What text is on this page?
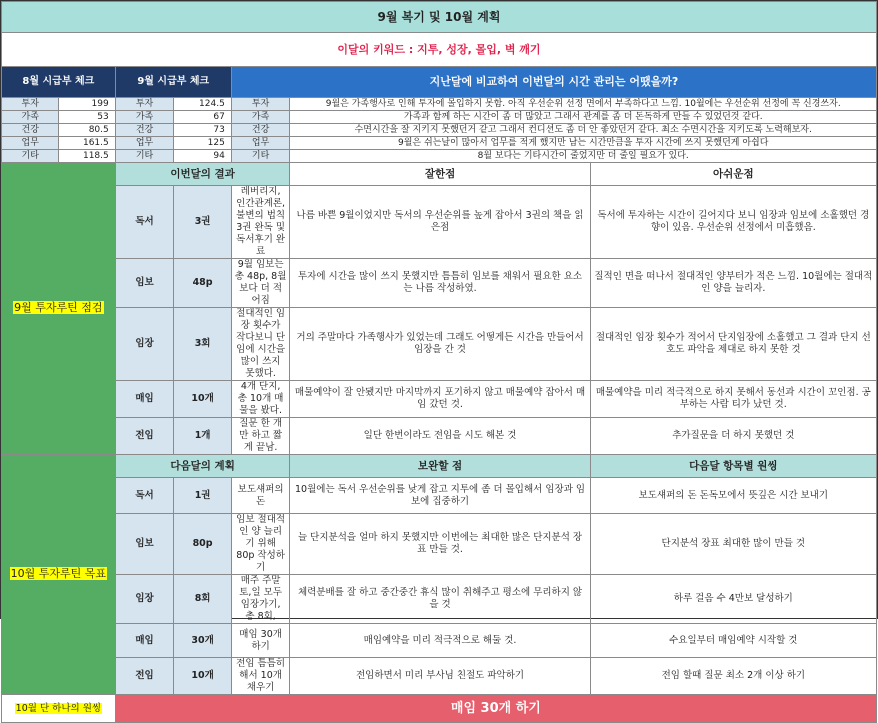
9월 복기 및 10월 계획						
이달의 키워드 : 지투, 성장, 몰입, 벽 깨기						
8월 시급부 체크		9월 시급부 체크		지난달에 비교하여 이번달의 시간 관리는 어땠을까?		
투자	199	투자	124.5	투자	9월은 가족행사로 인해 투자에 몰입하지 못함. 아직 우선순위 선정 면에서 부족하다고 느낌. 10월에는 우선순위 선정에 꼭 신경쓰자.	
가족	53	가족	67	가족	가족과 함께 하는 시간이 좀 더 많았고 그래서 관계를 좀 더 돈독하게 만들 수 있었던것 같다.	
건강	80.5	건강	73	건강	수면시간을 잘 지키지 못했던거 같고 그래서 컨디션도 좀 더 안 좋았던거 같다. 최소 수면시간을 지키도록 노력해보자.	
업무	161.5	업무	125	업무	9월은 쉬는날이 많아서 업무를 적게 했지만 남는 시간만큼을 투자 시간에 쓰지 못했던게 아쉽다	
기타	118.5	기타	94	기타	8월 보다는 기타시간이 줄었지만 더 줄일 필요가 있다.	
9월 투자루틴 점검		이번달의 결과			잘한점	아쉬운점
		독서	3권	레버리지, 인간관계론, 불변의 법칙 3권 완독 및 독서후기 완료	나름 바쁜 9월이었지만 독서의 우선순위를 높게 잡아서 3권의 책을 읽은점	독서에 투자하는 시간이 길어지다 보니 임장과 임보에 소홀했던 경향이 있음. 우선순위 선정에서 미흡했음.
		임보	48p	9월 임보는 총 48p, 8월 보다 더 적어짐	투자에 시간을 많이 쓰지 못했지만 틈틈히 임보를 채워서 필요한 요소는 나름 작성하였.	질적인 면을 떠나서 절대적인 양부터가 적은 느낌. 10월에는 절대적인 양을 늘리자.
		임장	3회	절대적인 임장 횟수가 작다보니 단임에 시간을 많이 쓰지 못했다.	거의 주말마다 가족행사가 있었는데 그래도 어떻게든 시간을 만들어서 임장을 간 것	절대적인 임장 횟수가 적어서 단지임장에 소홀했고 그 결과 단지 선호도 파악을 제대로 하지 못한 것
		매임	10개	4개 단지, 총 10개 매물을 봤다.	매물예약이 잘 안됐지만 마지막까지 포기하지 않고 매물예약 잡아서 매임 갔던 것.	매물예약을 미리 적극적으로 하지 못해서 동선과 시간이 꼬인점. 공부하는 사람 티가 났던 것.
		전임	1개	질문 한 개만 하고 짧게 끝남.	일단 한번이라도 전임을 시도 해본 것	추가질문을 더 하지 못했던 것
10월 투자루틴 목표		다음달의 계획			보완할 점	다음달 항목별 원씽
		독서	1권	보도섀퍼의 돈	10월에는 독서 우선순위를 낮게 잡고 지투에 좀 더 몰입해서 임장과 임보에 집중하기	보도섀퍼의 돈 돈독모에서 뜻깊은 시간 보내기
		임보	80p	임보 절대적인 양 늘리기 위해 80p 작성하기	늘 단지분석을 얼마 하지 못했지만 이번에는 최대한 많은 단지분석 장표 만들 것.	단지분석 장표 최대한 많이 만들 것
		임장	8회	매주 주말 토,일 모두 임장가기, 총 8회,	체력분배를 잘 하고 중간중간 휴식 많이 취해주고 평소에 무리하지 않을 것	하루 걸음 수 4만보 달성하기
		매임	30개	매임 30개 하기	매임예약을 미리 적극적으로 해둘 것.	수요일부터 매임예약 시작할 것
		전임	10개	전임 틈틈히 해서 10개 채우기	전임하면서 미리 부사님 친절도 파악하기	전임 할때 질문 최소 2개 이상 하기
10월 단 하나의 원씽		매임 30개 하기				
